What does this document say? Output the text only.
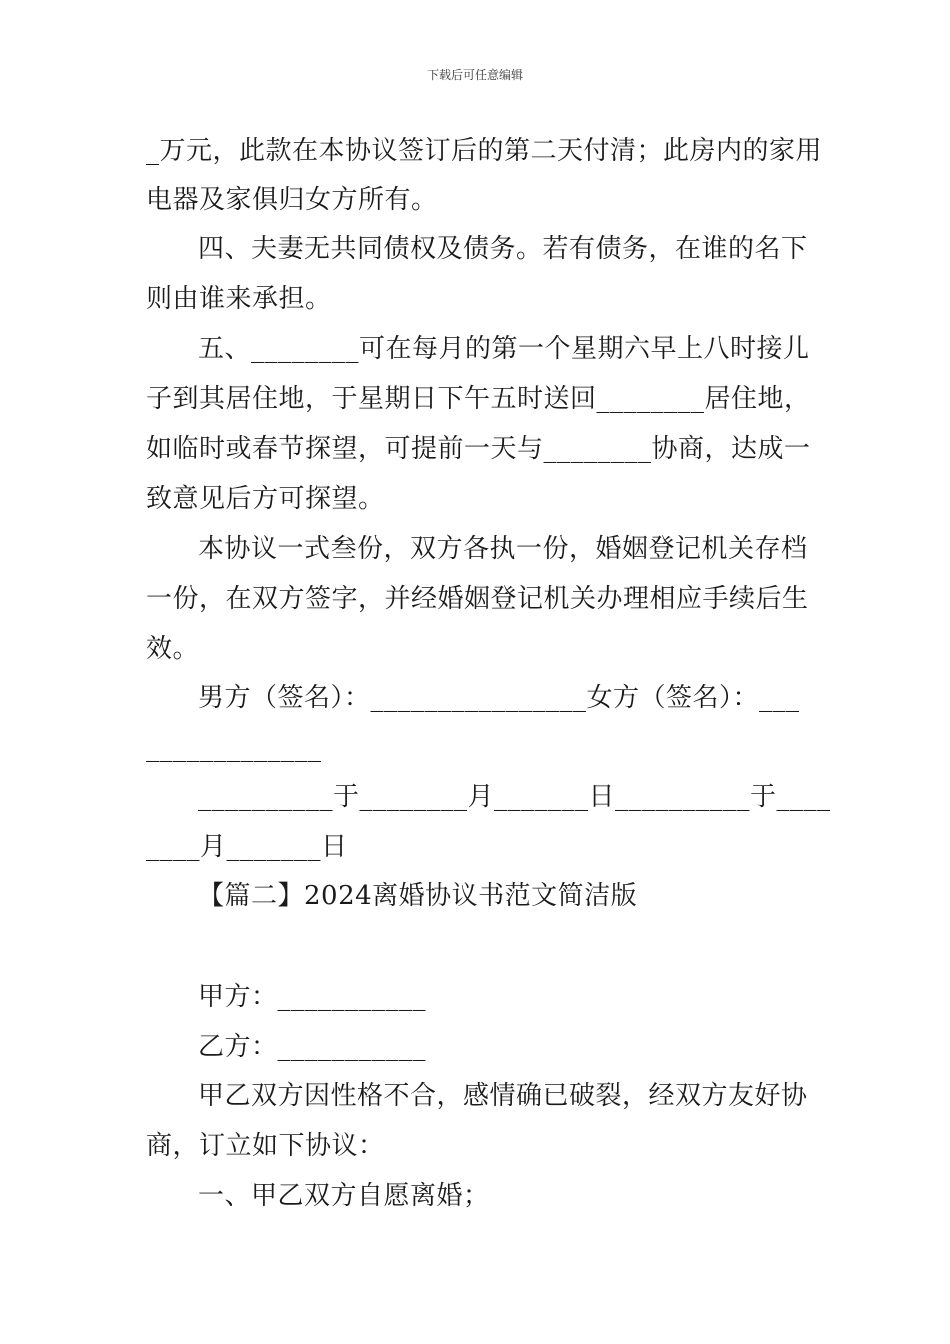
下载后可任意编辑
_万元，此款在本协议签订后的第二天付清；此房内的家用
电器及家俱归女方所有。
四、夫妻无共同债权及债务。若有债务，在谁的名下
则由谁来承担。
五、________可在每月的第一个星期六早上八时接儿
子到其居住地，于星期日下午五时送回________居住地，
如临时或春节探望，可提前一天与________协商，达成一
致意见后方可探望。
本协议一式叁份，双方各执一份，婚姻登记机关存档
一份，在双方签字，并经婚姻登记机关办理相应手续后生
效。
男方（签名）：________________女方（签名）：___
_____________
__________于________月_______日__________于____
____月_______日
【篇二】2024离婚协议书范文简洁版
甲方：___________
乙方：___________
甲乙双方因性格不合，感情确已破裂，经双方友好协
商，订立如下协议：
一、甲乙双方自愿离婚；
